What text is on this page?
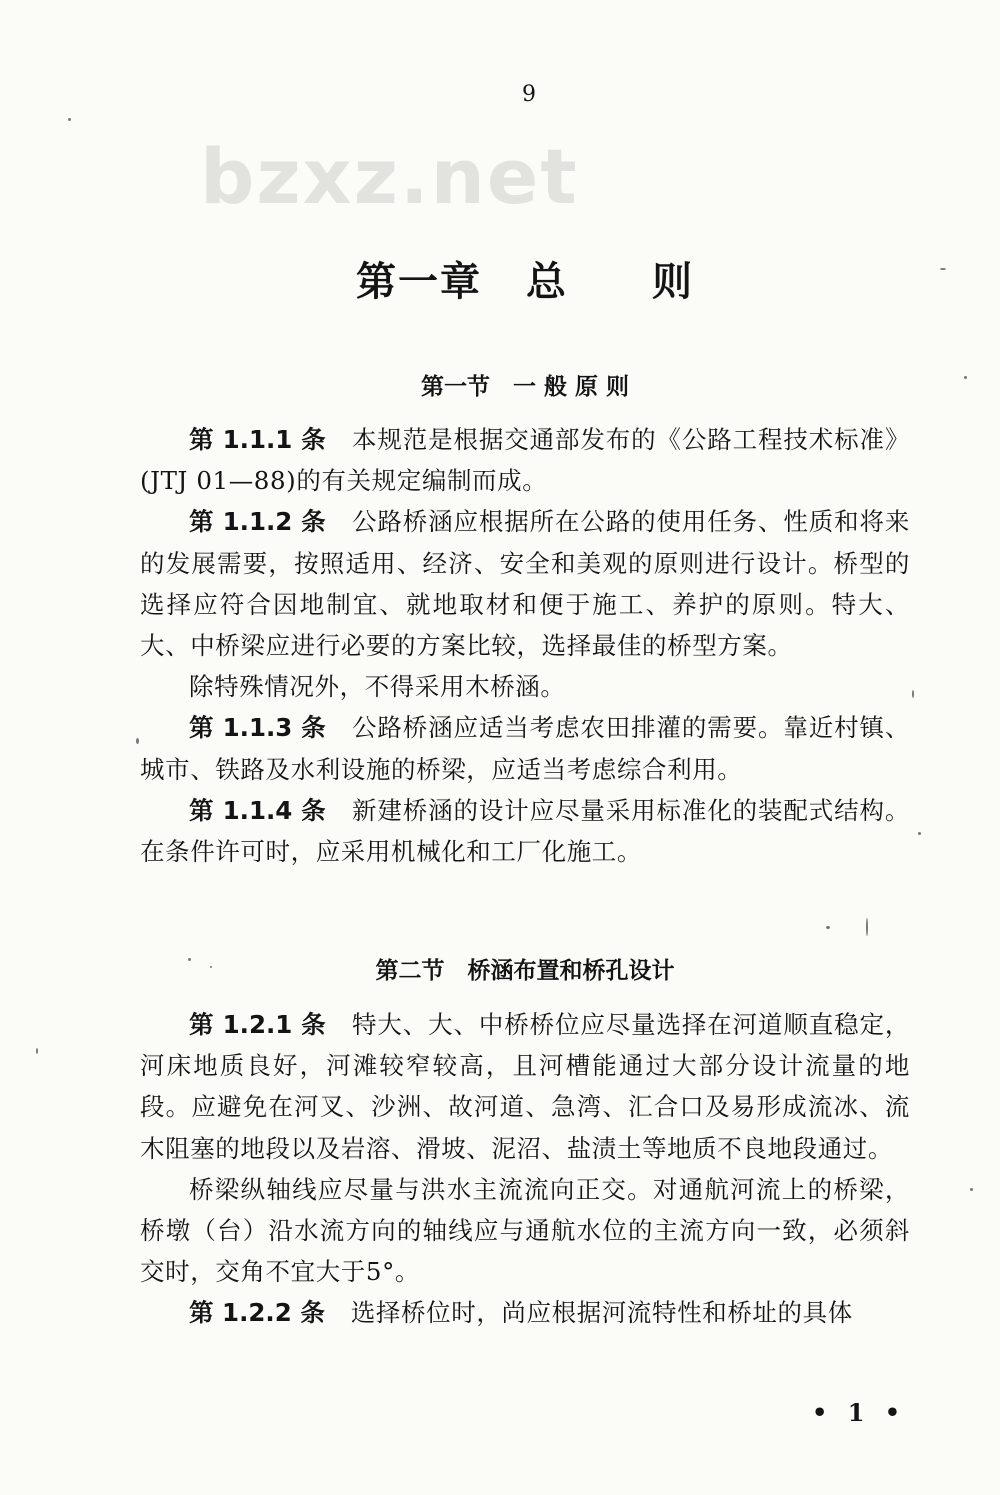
9
bzxz.net
第一章 总 则
第一节　一 般 原 则

第 1.1.1 条 本规范是根据交通部发布的《公路工程技术标准》(JTJ 01—88)的有关规定编制而成。

第 1.1.2 条 公路桥涵应根据所在公路的使用任务、性质和将来的发展需要，按照适用、经济、安全和美观的原则进行设计。桥型的选择应符合因地制宜、就地取材和便于施工、养护的原则。特大、大、中桥梁应进行必要的方案比较，选择最佳的桥型方案。

除特殊情况外，不得采用木桥涵。

第 1.1.3 条 公路桥涵应适当考虑农田排灌的需要。靠近村镇、城市、铁路及水利设施的桥梁，应适当考虑综合利用。

第 1.1.4 条 新建桥涵的设计应尽量采用标准化的装配式结构。在条件许可时，应采用机械化和工厂化施工。

第二节　桥涵布置和桥孔设计

第 1.2.1 条 特大、大、中桥桥位应尽量选择在河道顺直稳定，河床地质良好，河滩较窄较高，且河槽能通过大部分设计流量的地段。应避免在河叉、沙洲、故河道、急湾、汇合口及易形成流冰、流木阻塞的地段以及岩溶、滑坡、泥沼、盐渍土等地质不良地段通过。

桥梁纵轴线应尽量与洪水主流流向正交。对通航河流上的桥梁，桥墩（台）沿水流方向的轴线应与通航水位的主流方向一致，必须斜交时，交角不宜大于5°。

第 1.2.2 条 选择桥位时，尚应根据河流特性和桥址的具体

• 1 •
